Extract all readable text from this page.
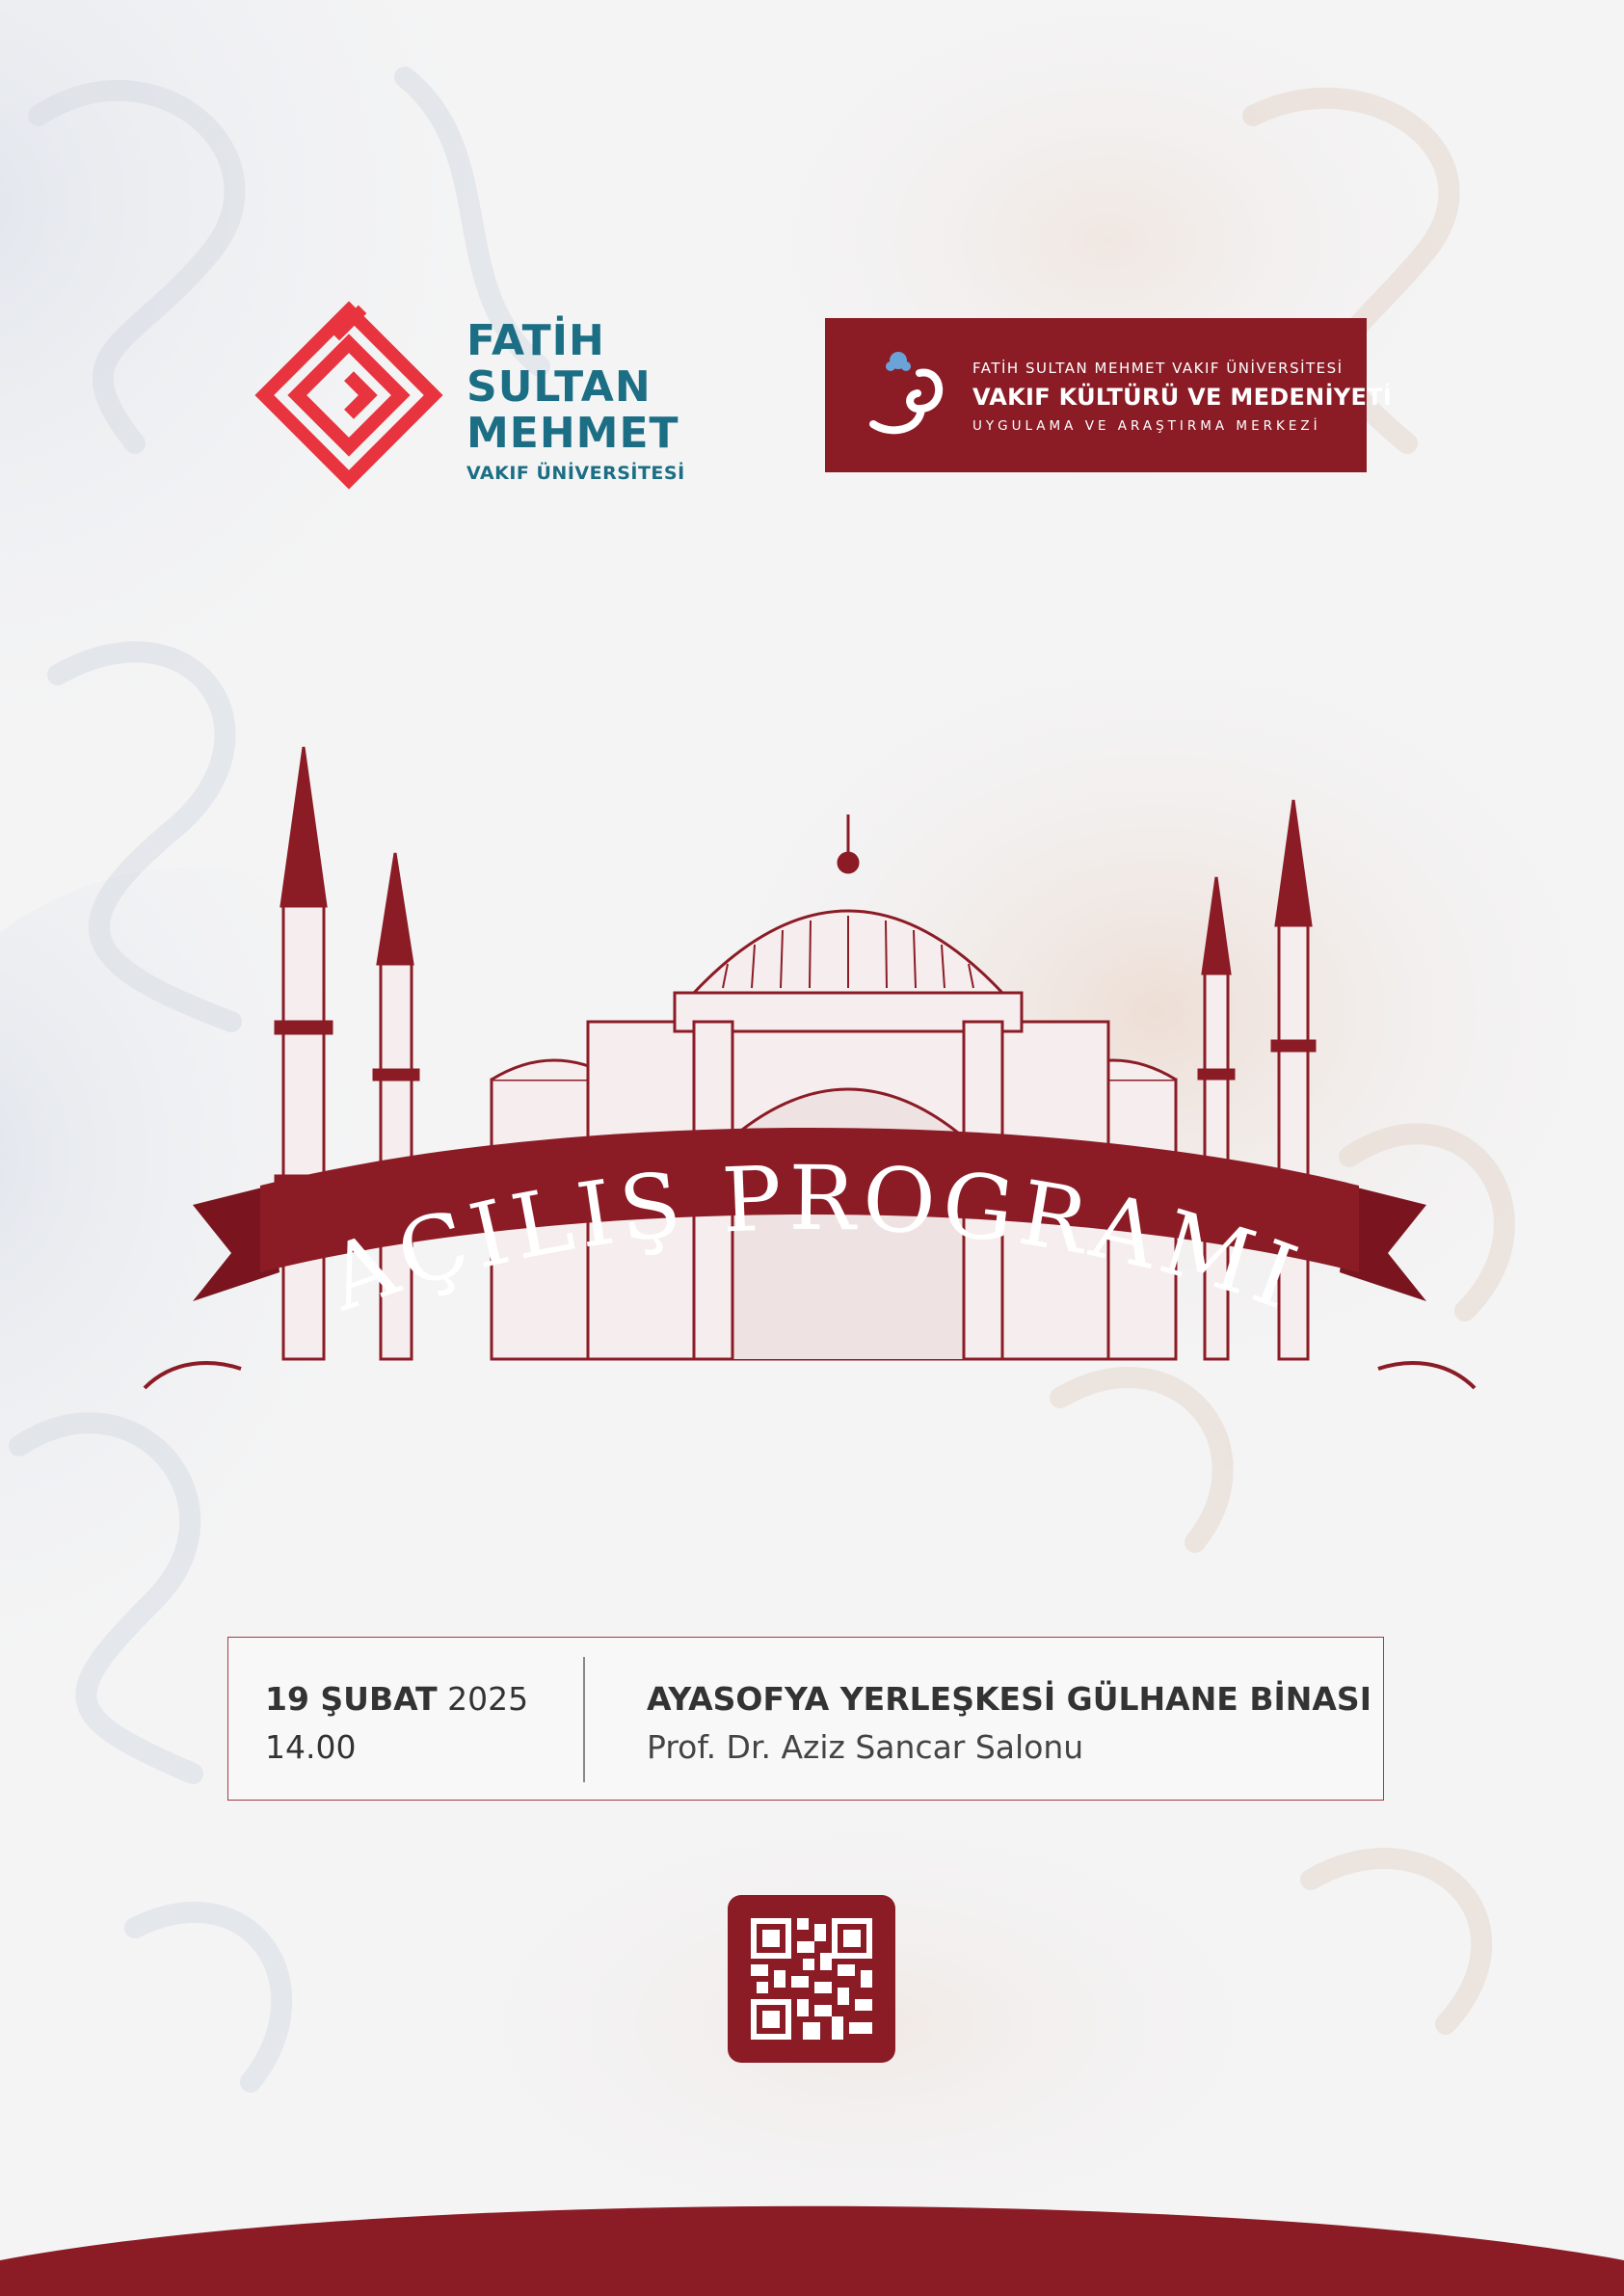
FATİH
SULTAN
MEHMET
VAKIF ÜNİVERSİTESİ
FATİH SULTAN MEHMET VAKIF ÜNİVERSİTESİ
VAKIF KÜLTÜRÜ VE MEDENİYETİ
UYGULAMA VE ARAŞTIRMA MERKEZİ
AÇILIŞ PROGRAMI
19 ŞUBAT 2025
14.00
AYASOFYA YERLEŞKESİ GÜLHANE BİNASI
Prof. Dr. Aziz Sancar Salonu
